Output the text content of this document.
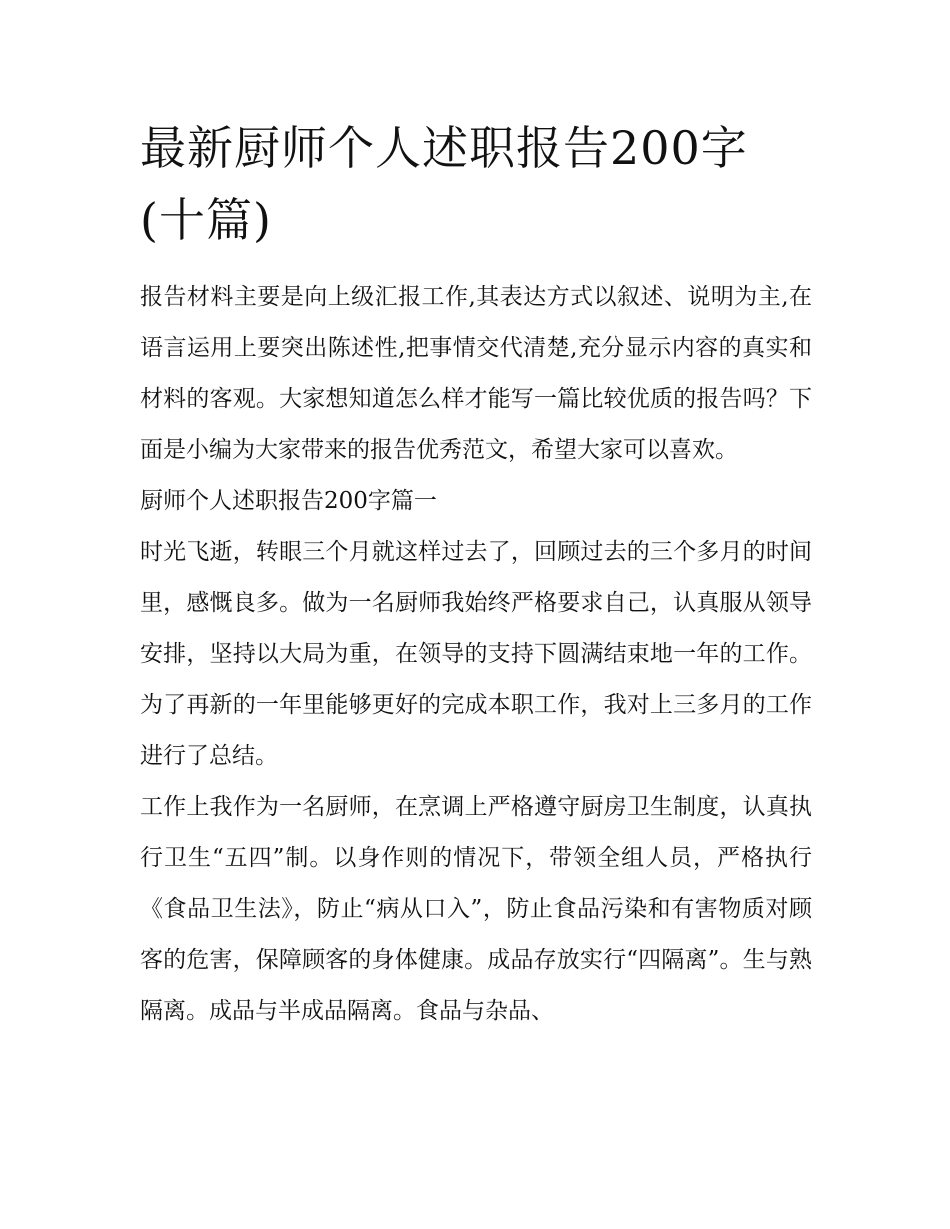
最新厨师个人述职报告200字(十篇)

报告材料主要是向上级汇报工作,其表达方式以叙述、说明为主,在语言运用上要突出陈述性,把事情交代清楚,充分显示内容的真实和材料的客观。大家想知道怎么样才能写一篇比较优质的报告吗？下面是小编为大家带来的报告优秀范文，希望大家可以喜欢。

厨师个人述职报告200字篇一

时光飞逝，转眼三个月就这样过去了，回顾过去的三个多月的时间里，感慨良多。做为一名厨师我始终严格要求自己，认真服从领导安排，坚持以大局为重，在领导的支持下圆满结束地一年的工作。为了再新的一年里能够更好的完成本职工作，我对上三多月的工作进行了总结。

工作上我作为一名厨师，在烹调上严格遵守厨房卫生制度，认真执行卫生“五四”制。以身作则的情况下，带领全组人员，严格执行《食品卫生法》，防止“病从口入”，防止食品污染和有害物质对顾客的危害，保障顾客的身体健康。成品存放实行“四隔离”。生与熟隔离。成品与半成品隔离。食品与杂品、
